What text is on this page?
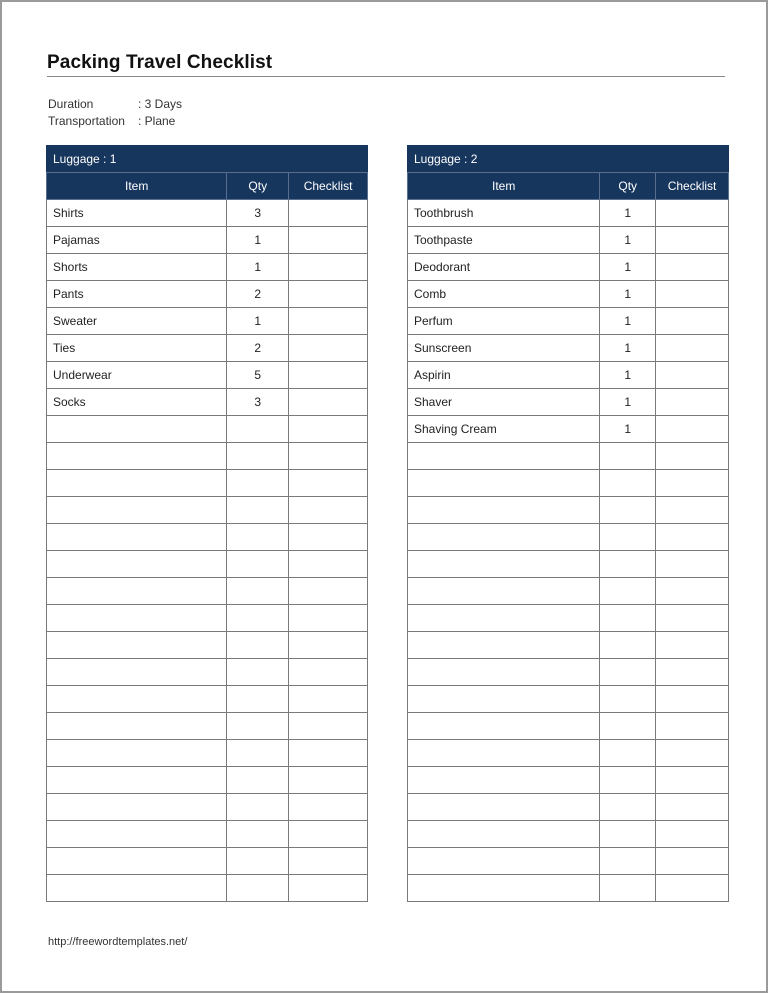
Packing Travel Checklist
Duration	: 3 Days
Transportation	: Plane
Luggage : 1		
Item	Qty	Checklist
Shirts	3	
Pajamas	1	
Shorts	1	
Pants	2	
Sweater	1	
Ties	2	
Underwear	5	
Socks	3	

Luggage : 2		
Item	Qty	Checklist
Toothbrush	1	
Toothpaste	1	
Deodorant	1	
Comb	1	
Perfum	1	
Sunscreen	1	
Aspirin	1	
Shaver	1	
Shaving Cream	1	

http://freewordtemplates.net/
